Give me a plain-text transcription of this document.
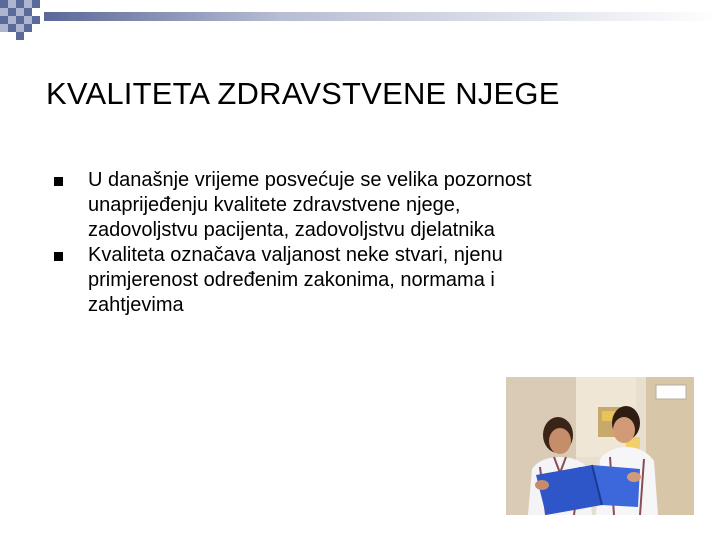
KVALITETA ZDRAVSTVENE NJEGE
U današnje vrijeme posvećuje se velika pozornost
unaprijeđenju kvalitete zdravstvene njege,
zadovoljstvu pacijenta, zadovoljstvu djelatnika
Kvaliteta označava valjanost neke stvari, njenu
primjerenost određenim zakonima, normama i
zahtjevima
